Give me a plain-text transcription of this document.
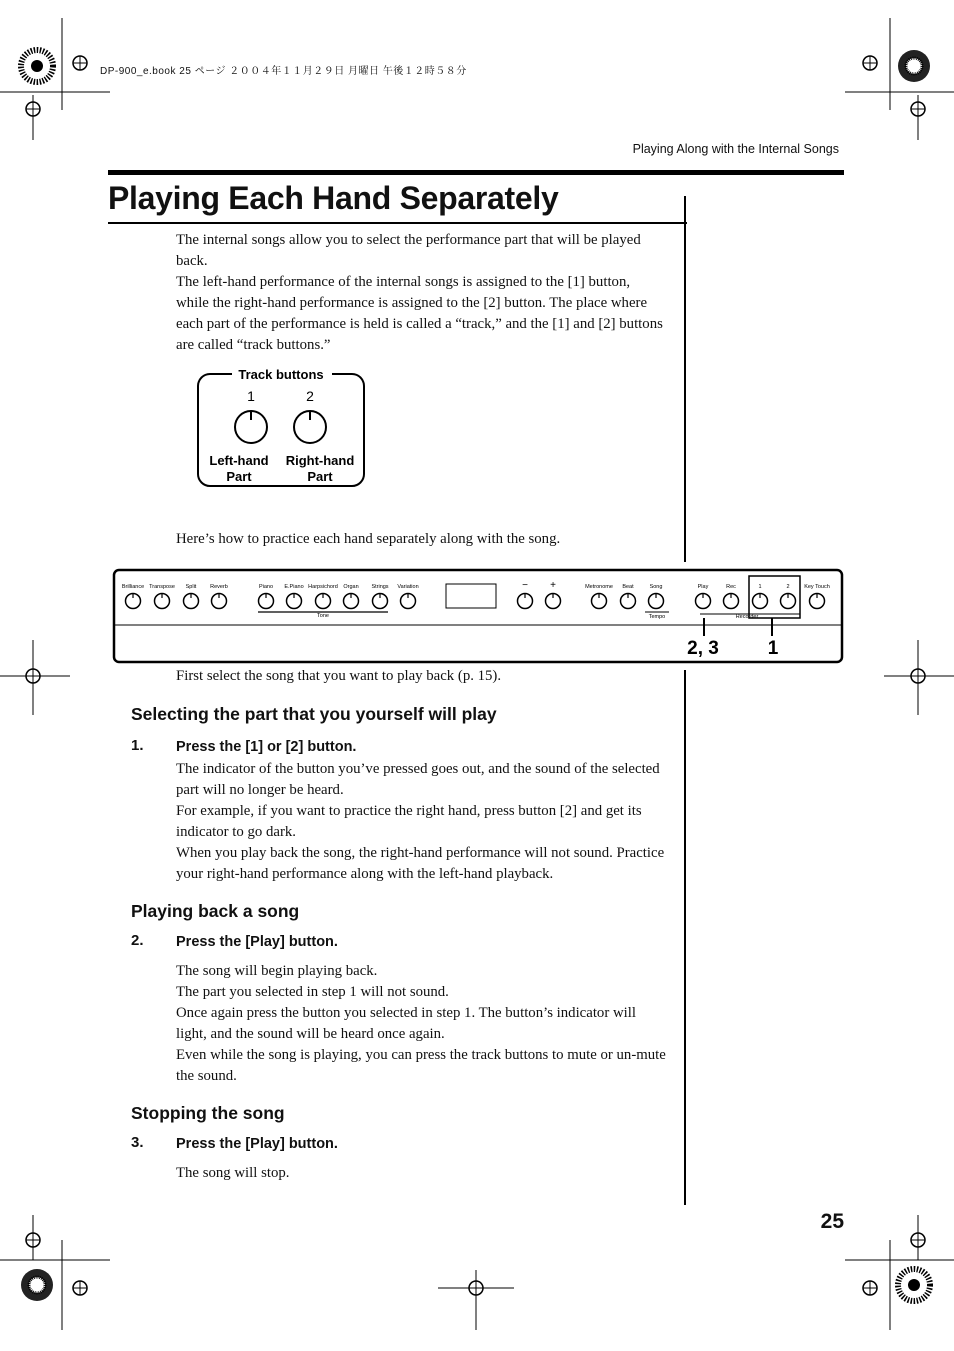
DP-900_e.book 25 ページ ２００４年１１月２９日 月曜日 午後１２時５８分
Playing Along with the Internal Songs
Playing Each Hand Separately

The internal songs allow you to select the performance part that will be played back.

The left-hand performance of the internal songs is assigned to the [1] button, while the right-hand performance is assigned to the [2] button. The place where each part of the performance is held is called a “track,” and the [1] and [2] buttons are called “track buttons.”

Track buttons
1	2
Left-hand
Part
Right-hand
Part
Here’s how to practice each hand separately along with the song.
Tone	Tempo	Recorder
Brilliance Transpose Split	Reverb	Piano E.Piano Harpsichord Organ Strings Variation	− +	Metronome Beat	Song	Play	Rec	1	2	Key Touch
2, 3	1
First select the song that you want to play back (p. 15).
Selecting the part that you yourself will play
1. Press the [1] or [2] button.

The indicator of the button you’ve pressed goes out, and the sound of the selected part will no longer be heard.

For example, if you want to practice the right hand, press button [2] and get its indicator to go dark.

When you play back the song, the right-hand performance will not sound. Practice your right-hand performance along with the left-hand playback.

Playing back a song
2. Press the [Play] button.

The song will begin playing back.

The part you selected in step 1 will not sound.

Once again press the button you selected in step 1. The button’s indicator will light, and the sound will be heard once again.

Even while the song is playing, you can press the track buttons to mute or un-mute the sound.

Stopping the song
3. Press the [Play] button.

The song will stop.

25
